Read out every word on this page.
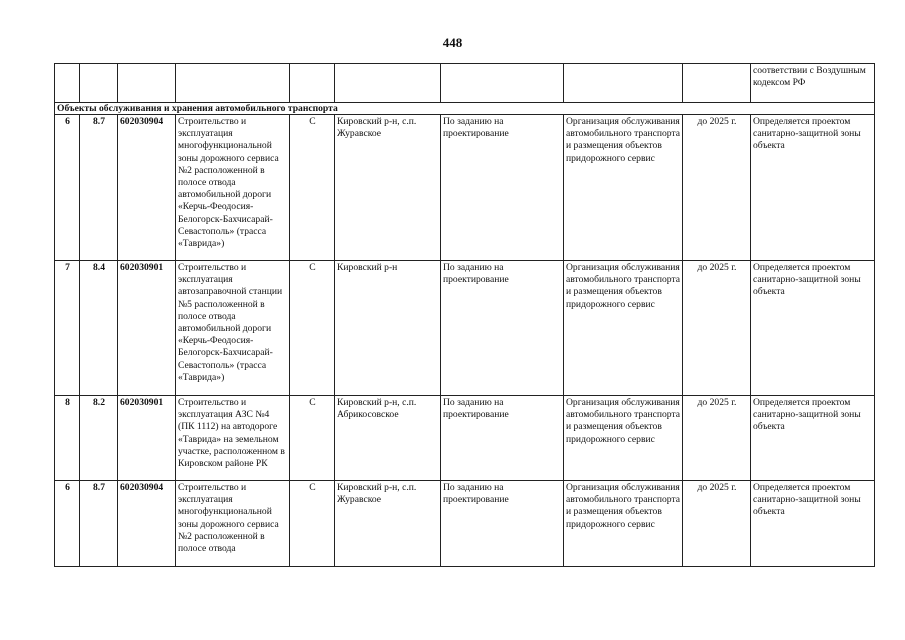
448
									соответствии с Воздушным кодексом РФ
Объекты обслуживания и хранения автомобильного транспорта									
6	8.7	602030904	Строительство и эксплуатация многофункциональной зоны дорожного сервиса №2 расположенной в полосе отвода автомобильной дороги «Керчь-Феодосия-Белогорск-Бахчисарай-Севастополь» (трасса «Таврида»)	С	Кировский р-н, с.п. Журавское	По заданию на проектирование	Организация обслуживания автомобильного транспорта и размещения объектов придорожного сервис	до 2025 г.	Определяется проектом санитарно-защитной зоны объекта
7	8.4	602030901	Строительство и эксплуатация автозаправочной станции №5 расположенной в полосе отвода автомобильной дороги «Керчь-Феодосия-Белогорск-Бахчисарай-Севастополь» (трасса «Таврида»)	С	Кировский р-н	По заданию на проектирование	Организация обслуживания автомобильного транспорта и размещения объектов придорожного сервис	до 2025 г.	Определяется проектом санитарно-защитной зоны объекта
8	8.2	602030901	Строительство и эксплуатация АЗС №4 (ПК 1112) на автодороге «Таврида» на земельном участке, расположенном в Кировском районе РК	С	Кировский р-н, с.п. Абрикосовское	По заданию на проектирование	Организация обслуживания автомобильного транспорта и размещения объектов придорожного сервис	до 2025 г.	Определяется проектом санитарно-защитной зоны объекта
6	8.7	602030904	Строительство и эксплуатация многофункциональной зоны дорожного сервиса №2 расположенной в полосе отвода	С	Кировский р-н, с.п. Журавское	По заданию на проектирование	Организация обслуживания автомобильного транспорта и размещения объектов придорожного сервис	до 2025 г.	Определяется проектом санитарно-защитной зоны объекта
